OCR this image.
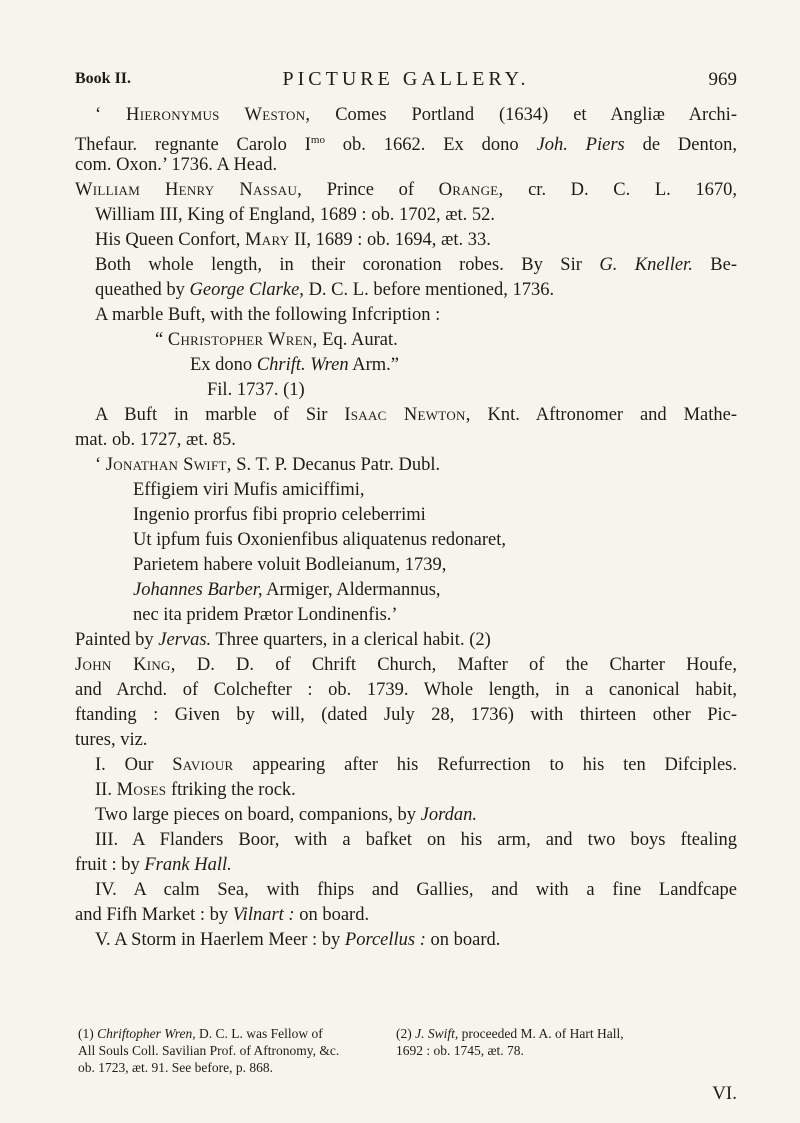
Book II.	PICTURE GALLERY.	969
‘ Hieronymus Weston, Comes Portland (1634) et Angliæ Archi-
Thefaur. regnante Carolo $I^{mo}$ ob. 1662. Ex dono Joh. Piers de Denton,
com. Oxon.’ 1736. A Head.
William Henry Nassau, Prince of Orange, cr. D. C. L. 1670,
William III, King of England, 1689 : ob. 1702, æt. 52.
His Queen Confort, Mary II, 1689 : ob. 1694, æt. 33.
Both whole length, in their coronation robes. By Sir G. Kneller. Be-
queathed by George Clarke, D. C. L. before mentioned, 1736.
A marble Buft, with the following Infcription :
“ Christopher Wren, Eq. Aurat.
Ex dono Chrift. Wren Arm.”
Fil. 1737. (1)
A Buft in marble of Sir Isaac Newton, Knt. Aftronomer and Mathe-
mat. ob. 1727, æt. 85.
‘ Jonathan Swift, S. T. P. Decanus Patr. Dubl.
Effigiem viri Mufis amiciffimi,
Ingenio prorfus fibi proprio celeberrimi
Ut ipfum fuis Oxonienfibus aliquatenus redonaret,
Parietem habere voluit Bodleianum, 1739,
Johannes Barber, Armiger, Aldermannus,
nec ita pridem Prætor Londinenfis.’
Painted by Jervas. Three quarters, in a clerical habit. (2)
John King, D. D. of Chrift Church, Mafter of the Charter Houfe,
and Archd. of Colchefter : ob. 1739. Whole length, in a canonical habit,
ftanding : Given by will, (dated July 28, 1736) with thirteen other Pic-
tures, viz.
I. Our Saviour appearing after his Refurrection to his ten Difciples.
II. Moses ftriking the rock.
Two large pieces on board, companions, by Jordan.
III. A Flanders Boor, with a bafket on his arm, and two boys ftealing
fruit : by Frank Hall.
IV. A calm Sea, with fhips and Gallies, and with a fine Landfcape
and Fifh Market : by Vilnart : on board.
V. A Storm in Haerlem Meer : by Porcellus : on board.
(1) Chriftopher Wren, D. C. L. was Fellow of	(2) J. Swift, proceeded M. A. of Hart Hall,
All Souls Coll. Savilian Prof. of Aftronomy, &c.	1692 : ob. 1745, æt. 78.
ob. 1723, æt. 91. See before, p. 868.
VI.
